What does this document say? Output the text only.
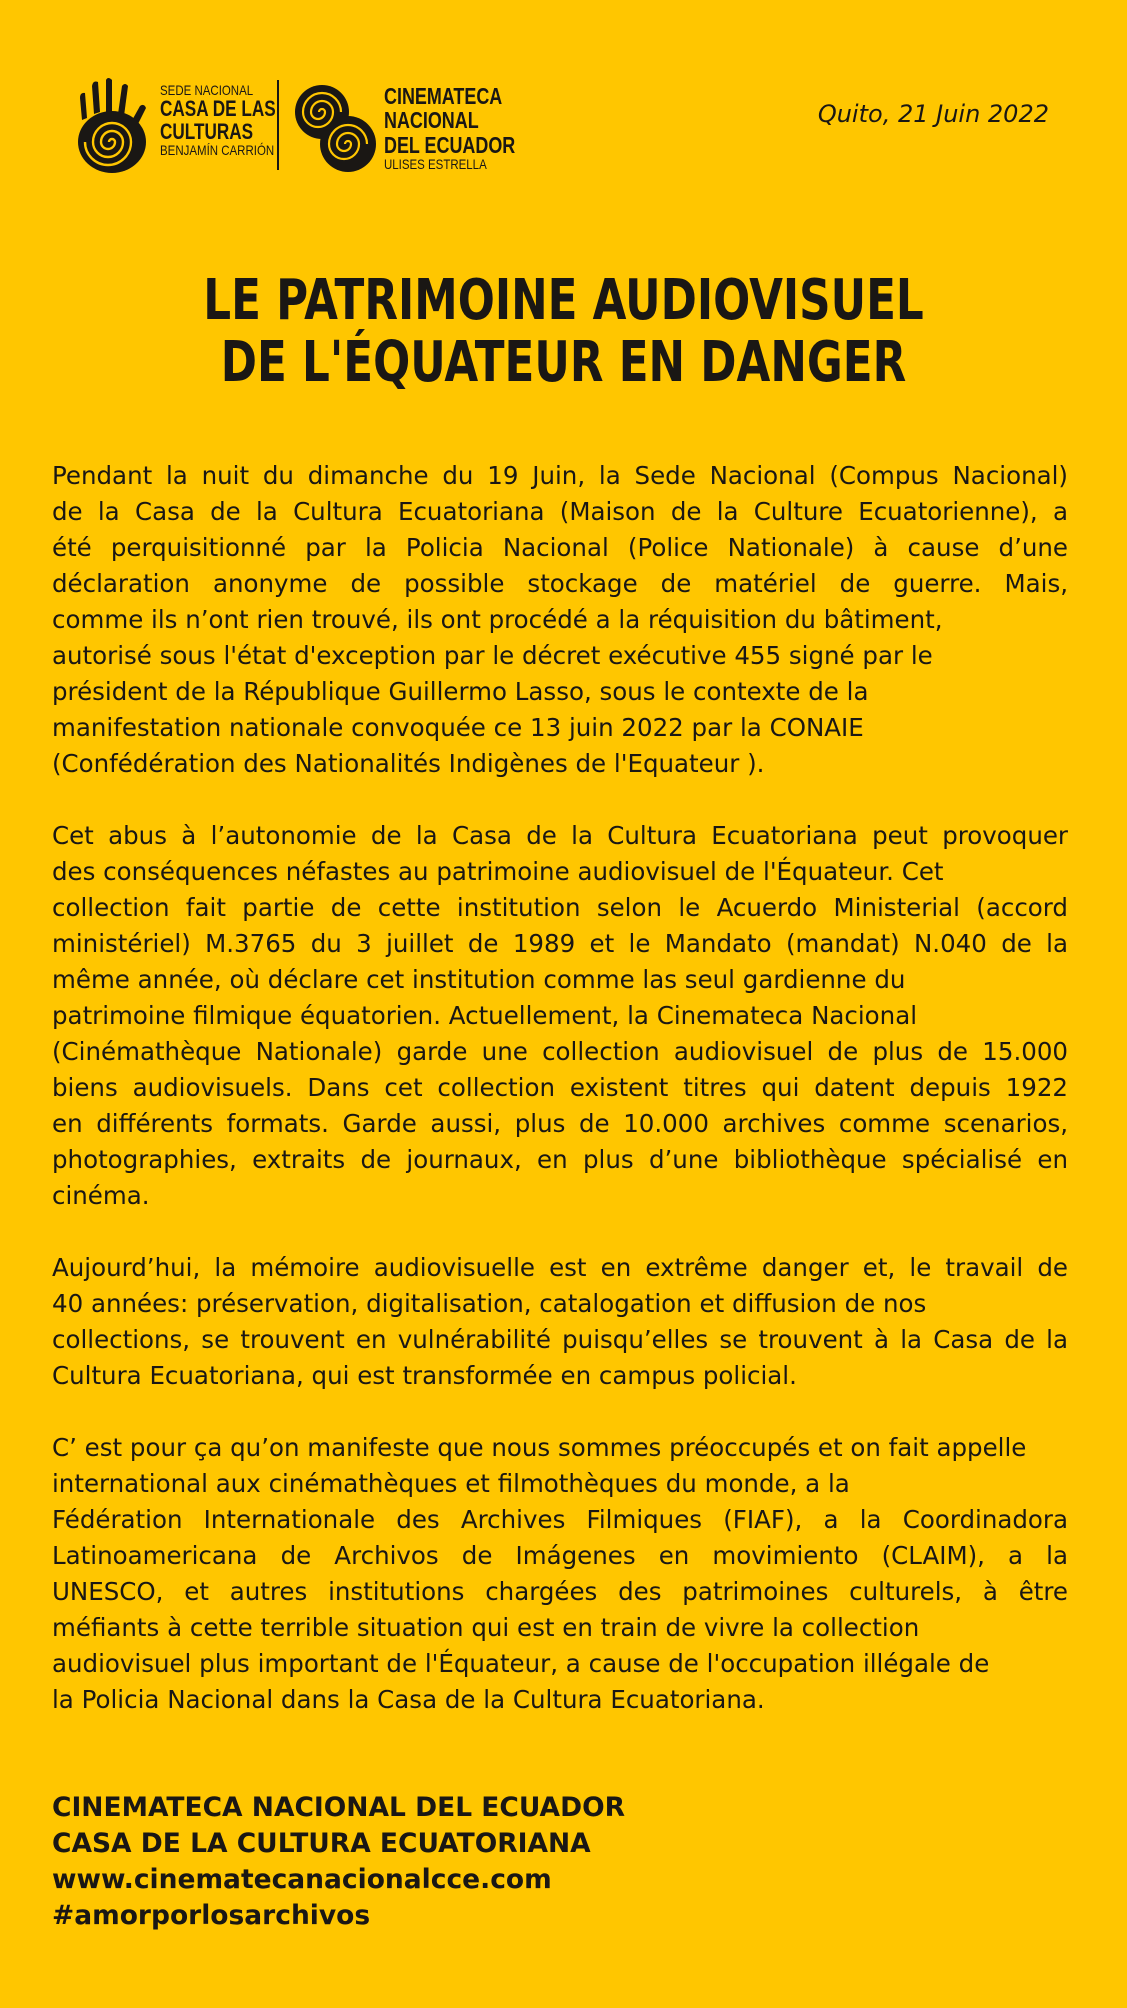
SEDE NACIONAL
CASA DE LAS
CULTURAS
BENJAMÍN CARRIÓN
CINEMATECA
NACIONAL
DEL ECUADOR
ULISES ESTRELLA
Quito, 21 Juin 2022
LE PATRIMOINE AUDIOVISUEL
DE L'ÉQUATEUR EN DANGER
Pendant la nuit du dimanche du 19 Juin, la Sede Nacional (Compus Nacional)
de la Casa de la Cultura Ecuatoriana (Maison de la Culture Ecuatorienne), a
été perquisitionné par la Policia Nacional (Police Nationale) à cause d’une
déclaration anonyme de possible stockage de matériel de guerre. Mais,
comme ils n’ont rien trouvé, ils ont procédé a la réquisition du bâtiment,
autorisé sous l'état d'exception par le décret exécutive 455 signé par le
président de la République Guillermo Lasso, sous le contexte de la
manifestation nationale convoquée ce 13 juin 2022 par la CONAIE
(Confédération des Nationalités Indigènes de l'Equateur ).
Cet abus à l’autonomie de la Casa de la Cultura Ecuatoriana peut provoquer
des conséquences néfastes au patrimoine audiovisuel de l'Équateur. Cet
collection fait partie de cette institution selon le Acuerdo Ministerial (accord
ministériel) M.3765 du 3 juillet de 1989 et le Mandato (mandat) N.040 de la
même année, où déclare cet institution comme las seul gardienne du
patrimoine filmique équatorien. Actuellement, la Cinemateca Nacional
(Cinémathèque Nationale) garde une collection audiovisuel de plus de 15.000
biens audiovisuels. Dans cet collection existent titres qui datent depuis 1922
en différents formats. Garde aussi, plus de 10.000 archives comme scenarios,
photographies, extraits de journaux, en plus d’une bibliothèque spécialisé en
cinéma.
Aujourd’hui, la mémoire audiovisuelle est en extrême danger et, le travail de
40 années: préservation, digitalisation, catalogation et diffusion de nos
collections, se trouvent en vulnérabilité puisqu’elles se trouvent à la Casa de la
Cultura Ecuatoriana, qui est transformée en campus policial.
C’ est pour ça qu’on manifeste que nous sommes préoccupés et on fait appelle
international aux cinémathèques et filmothèques du monde, a la
Fédération Internationale des Archives Filmiques (FIAF), a la Coordinadora
Latinoamericana de Archivos de Imágenes en movimiento (CLAIM), a la
UNESCO, et autres institutions chargées des patrimoines culturels, à être
méfiants à cette terrible situation qui est en train de vivre la collection
audiovisuel plus important de l'Équateur, a cause de l'occupation illégale de
la Policia Nacional dans la Casa de la Cultura Ecuatoriana.
CINEMATECA NACIONAL DEL ECUADOR
CASA DE LA CULTURA ECUATORIANA
www.cinematecanacionalcce.com
#amorporlosarchivos
